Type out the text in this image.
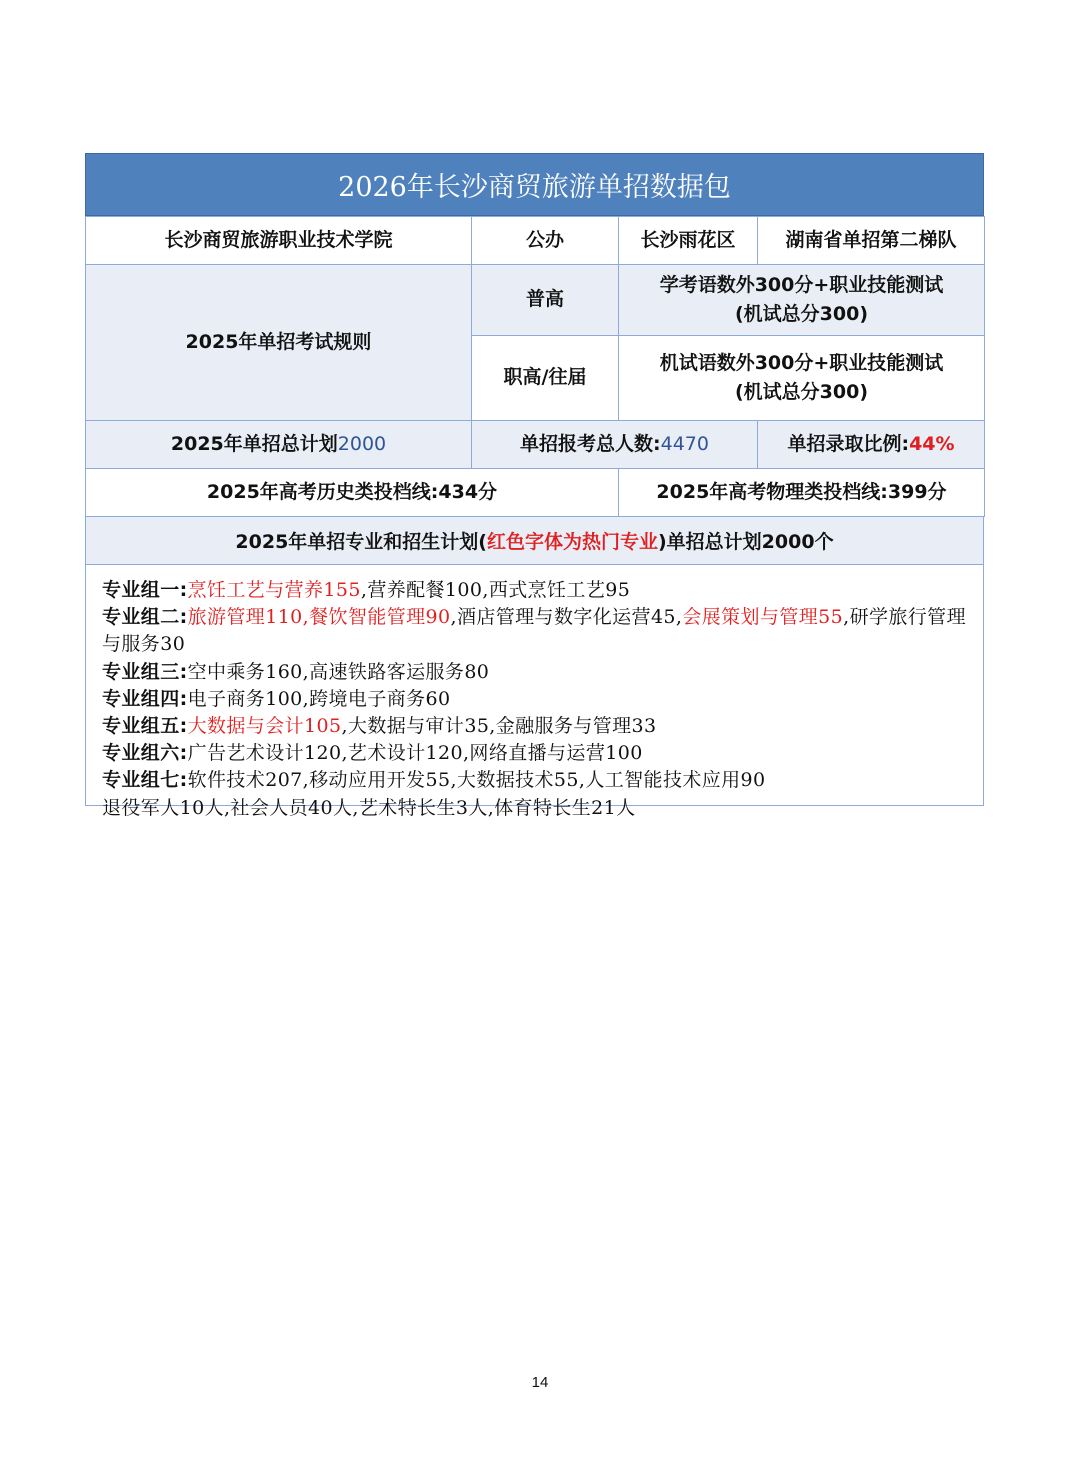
2026年长沙商贸旅游单招数据包
长沙商贸旅游职业技术学院	公办	长沙雨花区	湖南省单招第二梯队
2025年单招考试规则	普高	学考语数外300分+职业技能测试
(机试总分300)	

	职高/往届	机试语数外300分+职业技能测试
(机试总分300)	

2025年单招总计划2000	单招报考总人数:4470		单招录取比例:44%
2025年高考历史类投档线:434分		2025年高考物理类投档线:399分	
2025年单招专业和招生计划( 红色字体为热门专业 )单招总计划2000个
专业组一:烹饪工艺与营养155,营养配餐100,西式烹饪工艺95
专业组二:旅游管理110,餐饮智能管理90,酒店管理与数字化运营45,会展策划与管理55,研学旅行管理与服务30
专业组三:空中乘务160,高速铁路客运服务80
专业组四:电子商务100,跨境电子商务60
专业组五:大数据与会计105,大数据与审计35,金融服务与管理33
专业组六:广告艺术设计120,艺术设计120,网络直播与运营100
专业组七:软件技术207,移动应用开发55,大数据技术55,人工智能技术应用90
退役军人10人,社会人员40人,艺术特长生3人,体育特长生21人
14
